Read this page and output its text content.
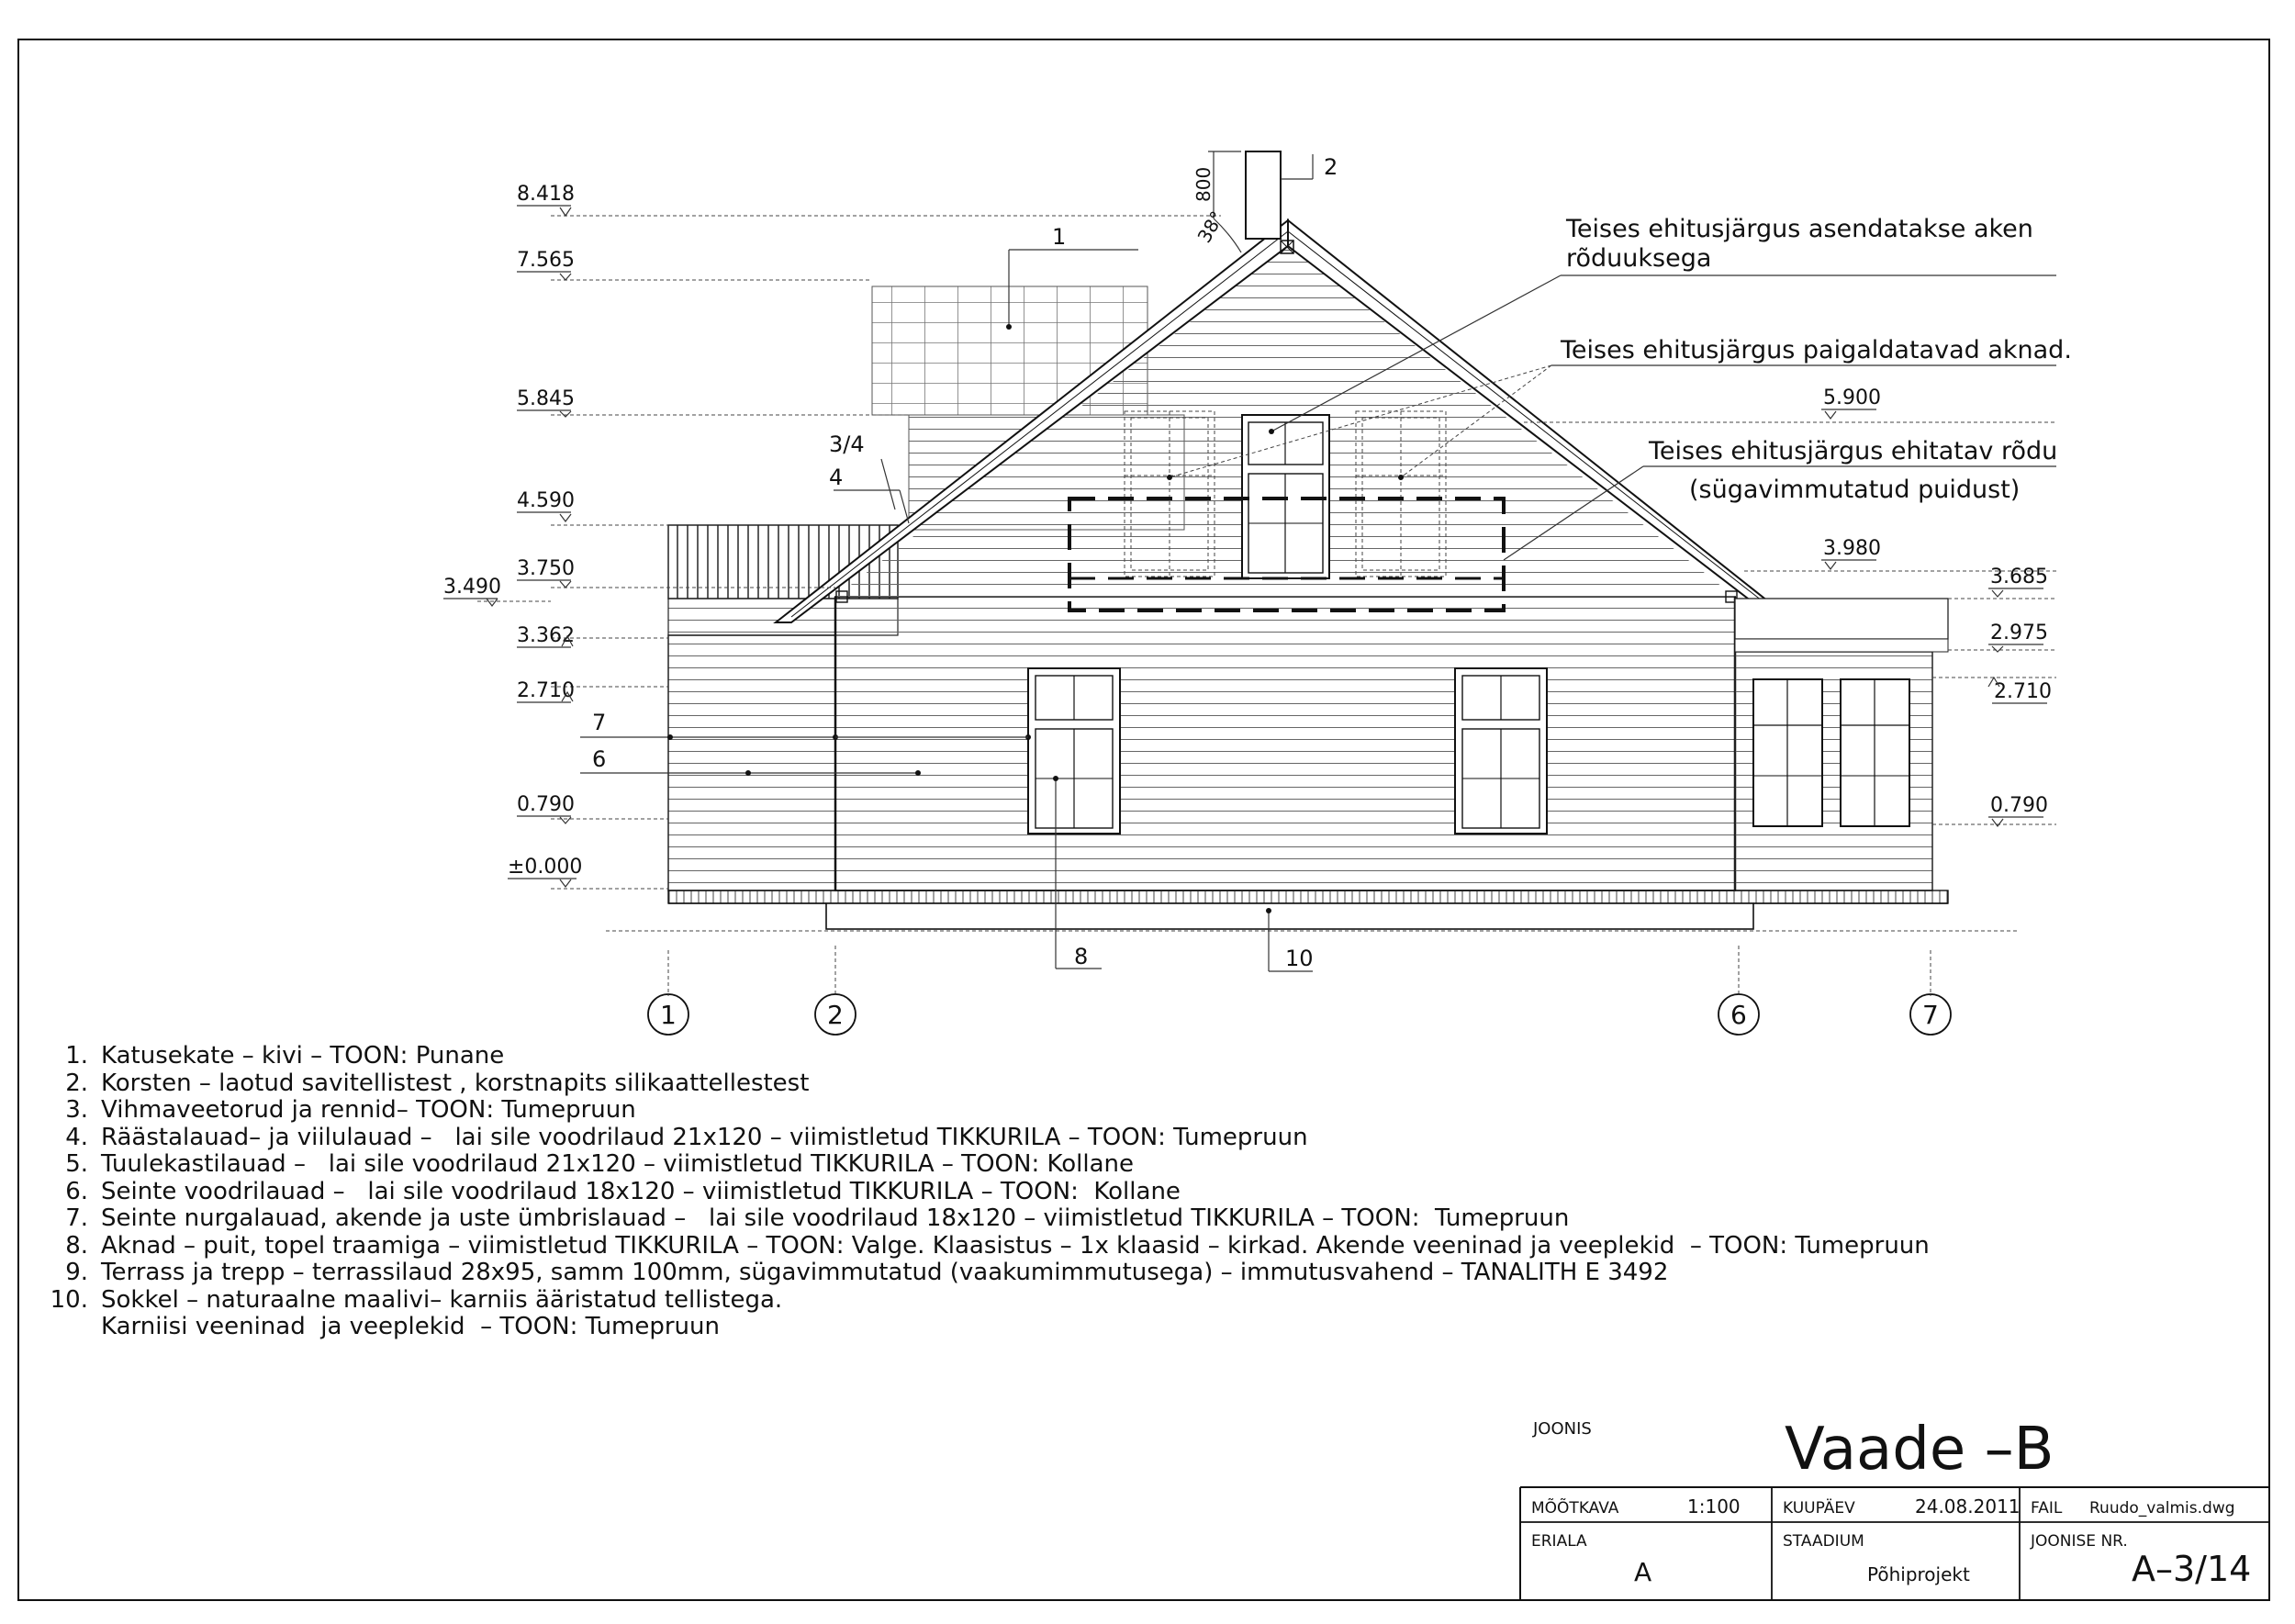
8.418
7.565
5.845
4.590
3.750
3.490
3.362
2.710
0.790
±0.000
5.900
3.980
3.685
2.975
2.710
0.790
800
38°
2
1
3/4
4
7
6
8	10
Teises ehitusjärgus asendatakse aken
rõduuksega
Teises ehitusjärgus paigaldatavad aknad.
Teises ehitusjärgus ehitatav rõdu
(sügavimmutatud puidust)
1	2	6	7
JOONIS	Vaade –B
MÕÕTKAVA	1:100	KUUPÄEV	24.08.2011 FAIL Ruudo_valmis.dwg
ERIALA
A
STAADIUM
Põhiprojekt
JOONISE NR.
A–3/14
1. Katusekate – kivi – TOON: Punane
2. Korsten – laotud savitellistest , korstnapits silikaattellestest
3. Vihmaveetorud ja rennid– TOON: Tumepruun
4. Räästalauad– ja viilulauad –   lai sile voodrilaud 21x120 – viimistletud TIKKURILA – TOON: Tumepruun
5. Tuulekastilauad –   lai sile voodrilaud 21x120 – viimistletud TIKKURILA – TOON: Kollane
6. Seinte voodrilauad –   lai sile voodrilaud 18x120 – viimistletud TIKKURILA – TOON:  Kollane
7. Seinte nurgalauad, akende ja uste ümbrislauad –   lai sile voodrilaud 18x120 – viimistletud TIKKURILA – TOON:  Tumepruun
8. Aknad – puit, topel traamiga – viimistletud TIKKURILA – TOON: Valge. Klaasistus – 1x klaasid – kirkad. Akende veeninad ja veeplekid  – TOON: Tumepruun
9. Terrass ja trepp – terrassilaud 28x95, samm 100mm, sügavimmutatud (vaakumimmutusega) – immutusvahend – TANALITH E 3492
10. Sokkel – naturaalne maalivi– karniis ääristatud tellistega.
Karniisi veeninad  ja veeplekid  – TOON: Tumepruun
